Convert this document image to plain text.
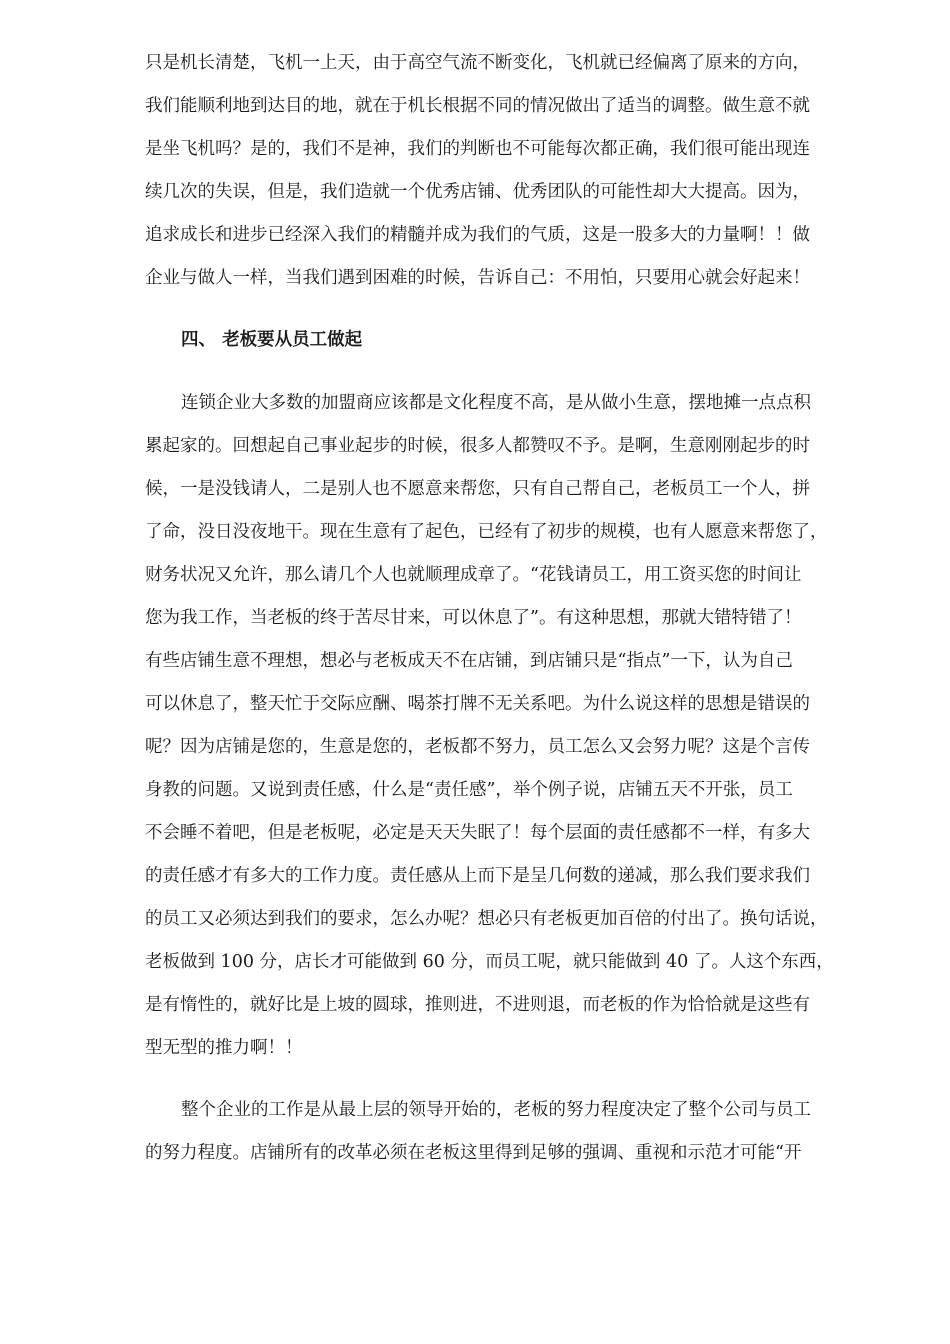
只是机长清楚，飞机一上天，由于高空气流不断变化，飞机就已经偏离了原来的方向，
我们能顺利地到达目的地，就在于机长根据不同的情况做出了适当的调整。做生意不就
是坐飞机吗？是的，我们不是神，我们的判断也不可能每次都正确，我们很可能出现连
续几次的失误，但是，我们造就一个优秀店铺、优秀团队的可能性却大大提高。因为，
追求成长和进步已经深入我们的精髓并成为我们的气质，这是一股多大的力量啊！！做
企业与做人一样，当我们遇到困难的时候，告诉自己：不用怕，只要用心就会好起来！
四、 老板要从员工做起
连锁企业大多数的加盟商应该都是文化程度不高，是从做小生意，摆地摊一点点积
累起家的。回想起自己事业起步的时候，很多人都赞叹不予。是啊，生意刚刚起步的时
候，一是没钱请人，二是别人也不愿意来帮您，只有自己帮自己，老板员工一个人，拼
了命，没日没夜地干。现在生意有了起色，已经有了初步的规模，也有人愿意来帮您了，
财务状况又允许，那么请几个人也就顺理成章了。“花钱请员工，用工资买您的时间让
您为我工作，当老板的终于苦尽甘来，可以休息了”。有这种思想，那就大错特错了！
有些店铺生意不理想，想必与老板成天不在店铺，到店铺只是“指点”一下，认为自己
可以休息了，整天忙于交际应酬、喝茶打牌不无关系吧。为什么说这样的思想是错误的
呢？因为店铺是您的，生意是您的，老板都不努力，员工怎么又会努力呢？这是个言传
身教的问题。又说到责任感，什么是“责任感”，举个例子说，店铺五天不开张，员工
不会睡不着吧，但是老板呢，必定是天天失眠了！每个层面的责任感都不一样，有多大
的责任感才有多大的工作力度。责任感从上而下是呈几何数的递减，那么我们要求我们
的员工又必须达到我们的要求，怎么办呢？想必只有老板更加百倍的付出了。换句话说，
老板做到 100 分，店长才可能做到 60 分，而员工呢，就只能做到 40 了。人这个东西，
是有惰性的，就好比是上坡的圆球，推则进，不进则退，而老板的作为恰恰就是这些有
型无型的推力啊！！
整个企业的工作是从最上层的领导开始的，老板的努力程度决定了整个公司与员工
的努力程度。店铺所有的改革必须在老板这里得到足够的强调、重视和示范才可能“开
